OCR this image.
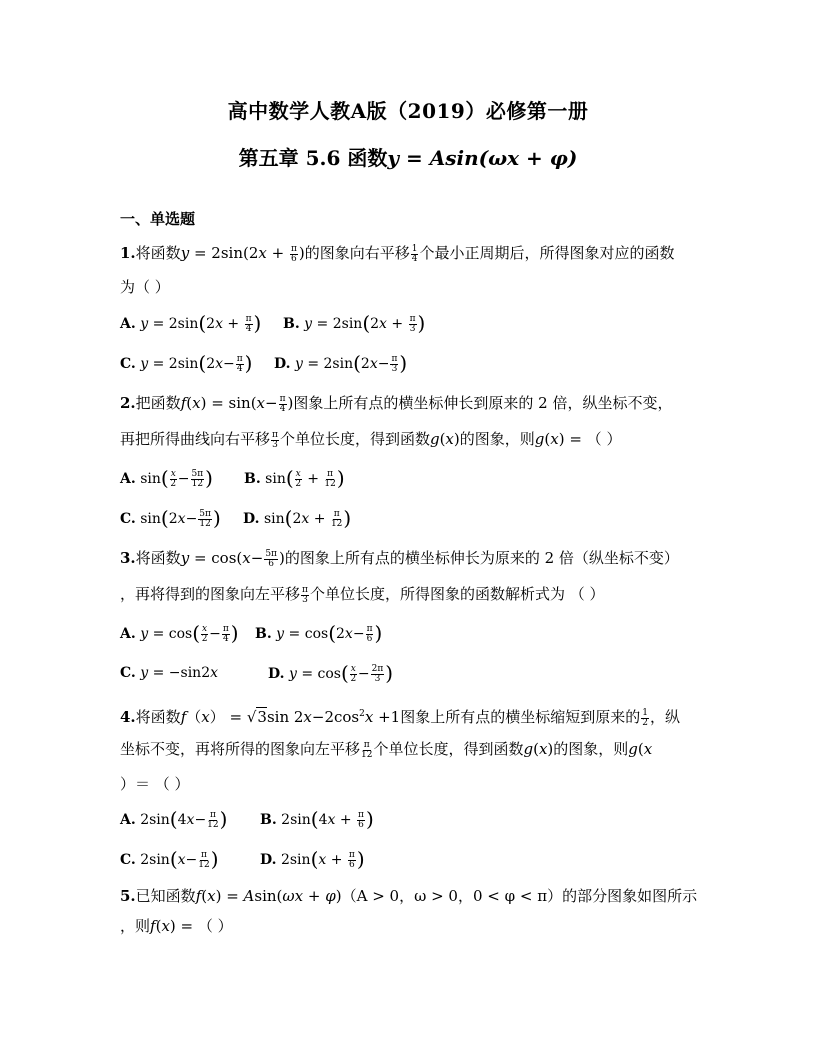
高中数学人教A版（2019）必修第一册
第五章 5.6 函数y = Asin(ωx + φ)
一、单选题
1.将函数$y = 2\sin(2x + \frac{\pi}{6}$ )的图象向右平移 $\frac{1}{4}$ 个最小正周期后，所得图象对应的函数
为（ ）
A. $y = 2\sin(2x + \frac{\pi}{4}$ ) B. $y = 2\sin(2x + \frac{\pi}{3}$ )
C. $y = 2\sin(2x- \frac{\pi}{4}$ ) D. $y = 2\sin(2x- \frac{\pi}{3}$ )
2.把函数$f(x) = \sin(x- \frac{\pi}{4}$ )图象上所有点的横坐标伸长到原来的 2 倍，纵坐标不变，
再把所得曲线向右平移 $\frac{\pi}{3}$ 个单位长度，得到函数g(x)的图象，则g(x) = （ ）
A. $\sin( \frac{x}{2} - \frac{5\pi}{12}$ ) B. $\sin( \frac{x}{2} + \frac{\pi}{12}$ )
C. $\sin(2x- \frac{5\pi}{12}$ ) D. $\sin(2x + \frac{\pi}{12}$ )
3.将函数$y = \cos(x- \frac{5\pi}{6}$ )的图象上所有点的横坐标伸长为原来的 2 倍（纵坐标不变）
，再将得到的图象向左平移 $\frac{\pi}{3}$ 个单位长度，所得图象的函数解析式为 （ ）
A. $y = \cos( \frac{x}{2} - \frac{\pi}{4}$ ) B. $y = \cos(2x- \frac{\pi}{6}$ )
C. y = −sin2x	D. $y = \cos( \frac{x}{2} - \frac{2\pi}{3}$ )
4.将函数f（x） = √3sin $2x-2\cos^2x +1$图象上所有点的横坐标缩短到原来的 $\frac{1}{2}$ ，纵
坐标不变，再将所得的图象向左平移 $\frac{\pi}{12}$ 个单位长度，得到函数g(x)的图象，则g(x
）＝ （ ）
A. $2\sin(4x- \frac{\pi}{12}$ ) B. $2\sin(4x + \frac{\pi}{6}$ )
C. $2\sin(x- \frac{\pi}{12}$ )	D. $2\sin(x + \frac{\pi}{6}$ )
5.已知函数f(x) = Asin(ωx + φ)（A > 0，ω > 0，0 < φ < π）的部分图象如图所示
，则f(x) = （ ）
